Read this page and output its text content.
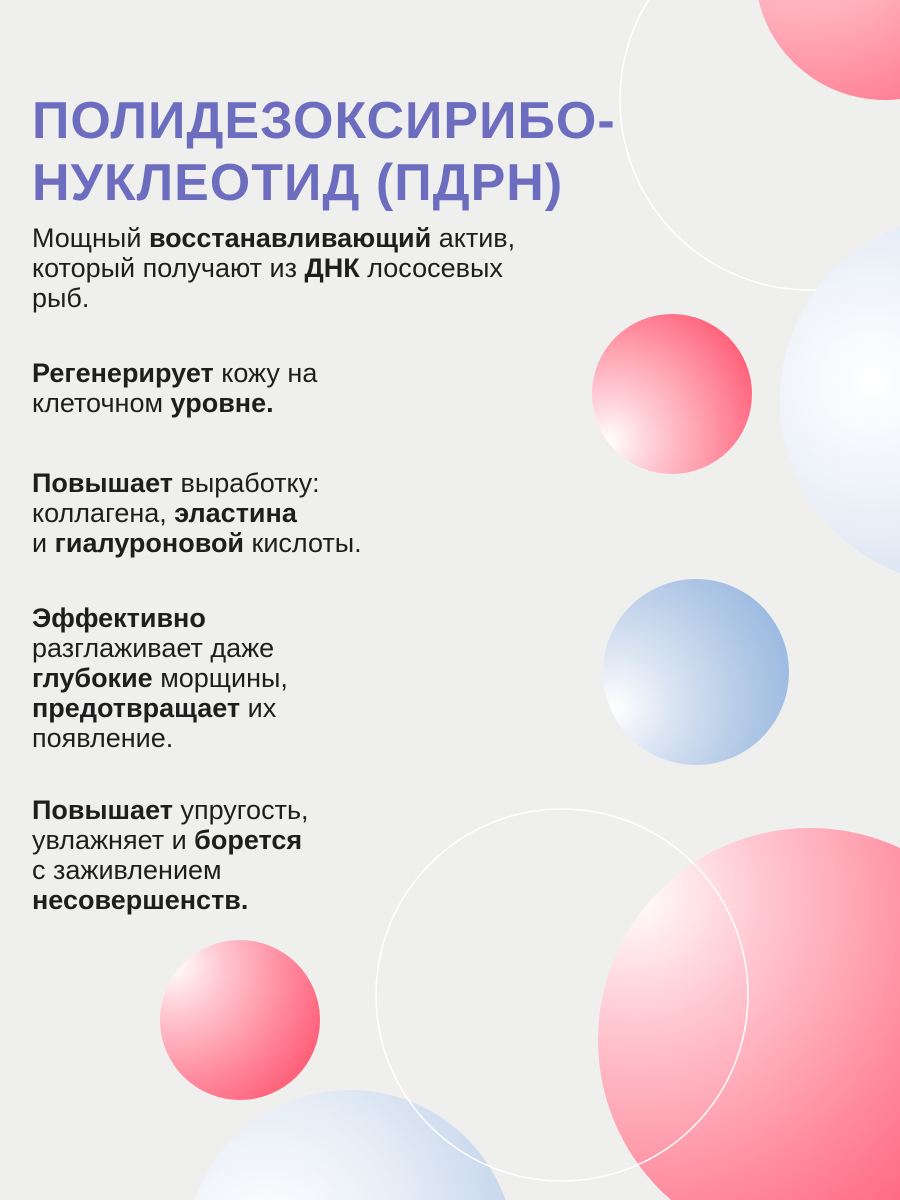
ПОЛИДЕЗОКСИРИБО-
НУКЛЕОТИД (ПДРН)

Мощный восстанавливающий актив,
который получают из ДНК лососевых
рыб.

Регенерирует кожу на
клеточном уровне.

Повышает выработку:
коллагена, эластина
и гиалуроновой кислоты.

Эффективно
разглаживает даже
глубокие морщины,
предотвращает их
появление.

Повышает упругость,
увлажняет и борется
с заживлением
несовершенств.
